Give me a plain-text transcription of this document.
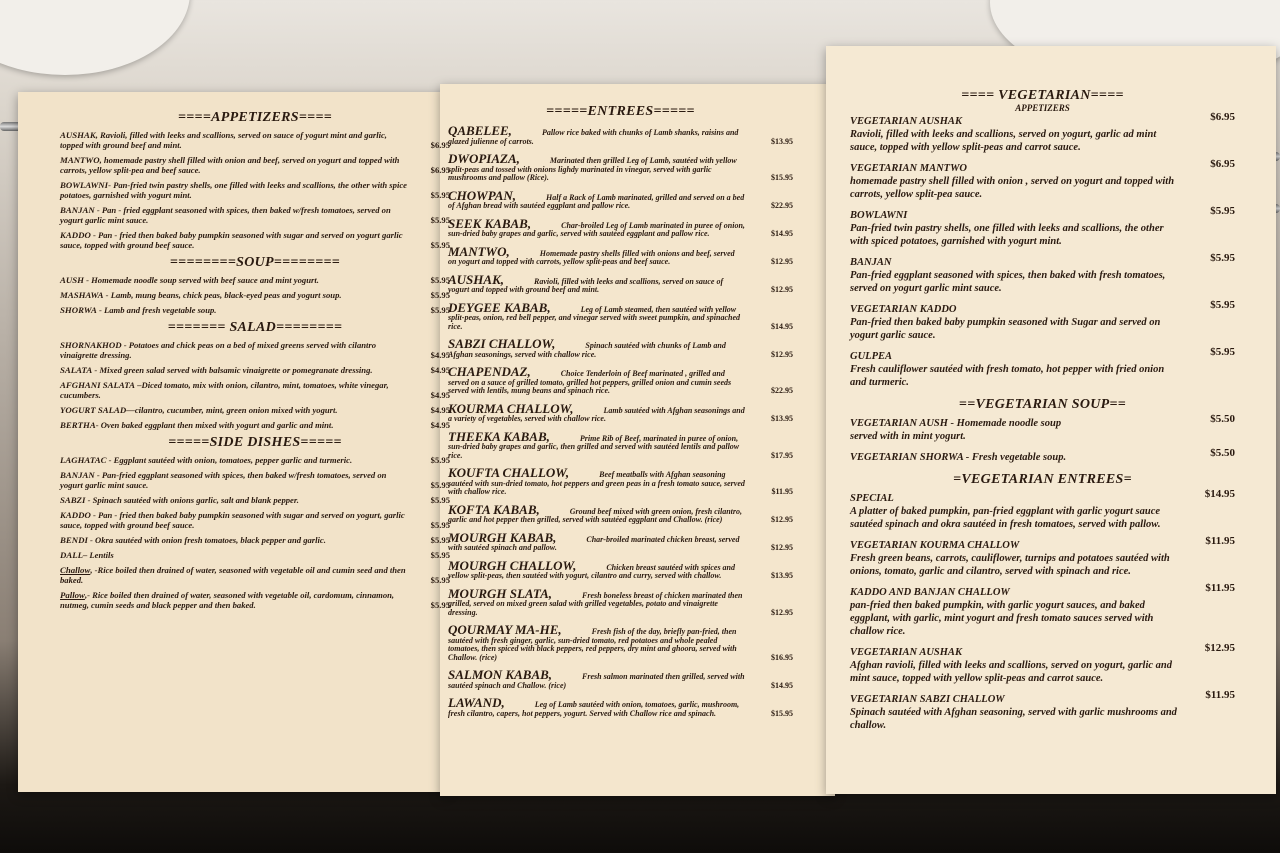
====APPETIZERS====
AUSHAK, Ravioli, filled with leeks and scallions, served on sauce of yogurt mint and garlic, topped with ground beef and mint.	$6.95
MANTWO, homemade pastry shell filled with onion and beef, served on yogurt and topped with carrots, yellow split-pea and beef sauce.	$6.95
BOWLAWNI- Pan-fried twin pastry shells, one filled with leeks and scallions, the other with spice potatoes, garnished with yogurt mint.	$5.95
BANJAN - Pan - fried eggplant seasoned with spices, then baked w/fresh tomatoes, served on yogurt garlic mint sauce.	$5.95
KADDO - Pan - fried then baked baby pumpkin seasoned with sugar and served on yogurt garlic sauce, topped with ground beef sauce.	$5.95
========SOUP========
AUSH - Homemade noodle soup served with beef sauce and mint yogurt.	$5.95
MASHAWA - Lamb, mung beans, chick peas, black-eyed peas and yogurt soup.	$5.95
SHORWA - Lamb and fresh vegetable soup.	$5.95
======= SALAD========
SHORNAKHOD - Potatoes and chick peas on a bed of mixed greens served with cilantro vinaigrette dressing.	$4.95
SALATA - Mixed green salad served with balsamic vinaigrette or pomegranate dressing.	$4.95
AFGHANI SALATA –Diced tomato, mix with onion, cilantro, mint, tomatoes, white vinegar, cucumbers.	$4.95
YOGURT SALAD—cilantro, cucumber, mint, green onion mixed with yogurt.	$4.95
BERTHA- Oven baked eggplant then mixed with yogurt and garlic and mint.	$4.95
=====SIDE DISHES=====
LAGHATAC - Eggplant sautéed with onion, tomatoes, pepper garlic and turmeric.	$5.95
BANJAN - Pan-fried eggplant seasoned with spices, then baked w/fresh tomatoes, served on yogurt garlic mint sauce.	$5.95
SABZI - Spinach sautéed with onions garlic, salt and blank pepper.	$5.95
KADDO - Pan - fried then baked baby pumpkin seasoned with sugar and served on yogurt, garlic sauce, topped with ground beef sauce.	$5.95
BENDI - Okra sautéed with onion fresh tomatoes, black pepper and garlic.	$5.95
DALL– Lentils	$5.95
Challow, -Rice boiled then drained of water, seasoned with vegetable oil and cumin seed and then baked.	$5.95
Pallow,- Rice boiled then drained of water, seasoned with vegetable oil, cardomum, cinnamon, nutmeg, cumin seeds and black pepper and then baked.	$5.95
=====ENTREES=====
QABELEE,	Pallow rice baked with chunks of Lamb shanks, raisins and glazed julienne of carrots.	$13.95
DWOPIAZA,	Marinated then grilled Leg of Lamb, sautéed with yellow split-peas and tossed with onions lighdy marinated in vinegar, served with garlic mushrooms and pallow (Rice).	$15.95
CHOWPAN,	Half a Rack of Lamb marinated, grilled and served on a bed of Afghan bread with sautéed eggplant and pallow rice.	$22.95
SEEK KABAB,	Char-broiled Leg of Lamb marinated in puree of onion, sun-dried baby grapes and garlic, served with sautéed eggplant and pallow rice.	$14.95
MANTWO,	Homemade pastry shells filled with onions and beef, served on yogurt and topped with carrots, yellow split-peas and beef sauce.	$12.95
AUSHAK,	Ravioli, filled with leeks and scallions, served on sauce of yogurt and topped with ground beef and mint.	$12.95
DEYGEE KABAB,	Leg of Lamb steamed, then sautéed with yellow split-peas, onion, red bell pepper, and vinegar served with sweet pumpkin, and spinached rice.	$14.95
SABZI CHALLOW,	Spinach sautéed with chunks of Lamb and Afghan seasonings, served with challow rice.	$12.95
CHAPENDAZ,	Choice Tenderloin of Beef marinated , grilled and served on a sauce of grilled tomato, grilled hot peppers, grilled onion and cumin seeds served with lentils, mung beans and spinach rice.	$22.95
KOURMA CHALLOW,	Lamb sautéed with Afghan seasonings and a variety of vegetables, served with challow rice.	$13.95
THEEKA KABAB,	Prime Rib of Beef, marinated in puree of onion, sun-dried baby grapes and garlic, then grilled and served with sautéed lentils and pallow rice.	$17.95
KOUFTA CHALLOW,	Beef meatballs with Afghan seasoning sautéed with sun-dried tomato, hot peppers and green peas in a fresh tomato sauce, served with challow rice.	$11.95
KOFTA KABAB,	Ground beef mixed with green onion, fresh cilantro, garlic and hot pepper then grilled, served with sautéed eggplant and Challow. (rice)	$12.95
MOURGH KABAB,	Char-broiled marinated chicken breast, served with sautéed spinach and pallow.	$12.95
MOURGH CHALLOW,	Chicken breast sautéed with spices and yellow split-peas, then sautéed with yogurt, cilantro and curry, served with challow.	$13.95
MOURGH SLATA,	Fresh boneless breast of chicken marinated then grilled, served on mixed green salad with grilled vegetables, potato and vinaigrette dressing.	$12.95
QOURMAY MA-HE,	Fresh fish of the day, briefly pan-fried, then sautéed with fresh ginger, garlic, sun-dried tomato, red potatoes and whole pealed tomatoes, then spiced with black peppers, red peppers, dry mint and ghoora, served with Challow. (rice)	$16.95
SALMON KABAB,	Fresh salmon marinated then grilled, served with sautéed spinach and Challow. (rice)	$14.95
LAWAND,	Leg of Lamb sautéed with onion, tomatoes, garlic, mushroom, fresh cilantro, capers, hot peppers, yogurt. Served with Challow rice and spinach.	$15.95
==== VEGETARIAN====
APPETIZERS
VEGETARIAN AUSHAK
Ravioli, filled with leeks and scallions, served on yogurt, garlic ad mint sauce, topped with yellow split-peas and carrot sauce.
$6.95
VEGETARIAN MANTWO
homemade pastry shell filled with onion , served on yogurt and topped with carrots, yellow split-pea sauce.
$6.95
BOWLAWNI
Pan-fried twin pastry shells, one filled with leeks and scallions, the other with spiced potatoes, garnished with yogurt mint.
$5.95
BANJAN
Pan-fried eggplant seasoned with spices, then baked with fresh tomatoes, served on yogurt garlic mint sauce.
$5.95
VEGETARIAN KADDO
Pan-fried then baked baby pumpkin seasoned with Sugar and served on yogurt garlic sauce.
$5.95
GULPEA
Fresh cauliflower sautéed with fresh tomato, hot pepper with fried onion and turmeric.
$5.95
==VEGETARIAN SOUP==
VEGETARIAN AUSH - Homemade noodle soup
served with in mint yogurt.
$5.50
VEGETARIAN SHORWA - Fresh vegetable soup.	$5.50
=VEGETARIAN ENTREES=
SPECIAL
A platter of baked pumpkin, pan-fried eggplant with garlic yogurt sauce sautéed spinach and okra sautéed in fresh tomatoes, served with pallow.
$14.95
VEGETARIAN KOURMA CHALLOW
Fresh green beans, carrots, cauliflower, turnips and potatoes sautéed with onions, tomato, garlic and cilantro, served with spinach and rice.
$11.95
KADDO AND BANJAN CHALLOW
pan-fried then baked pumpkin, with garlic yogurt sauces, and baked eggplant, with garlic, mint yogurt and fresh tomato sauces served with challow rice.
$11.95
VEGETARIAN AUSHAK
Afghan ravioli, filled with leeks and scallions, served on yogurt, garlic and mint sauce, topped with yellow split-peas and carrot sauce.
$12.95
VEGETARIAN SABZI CHALLOW
Spinach sautéed with Afghan seasoning, served with garlic mushrooms and challow.
$11.95
